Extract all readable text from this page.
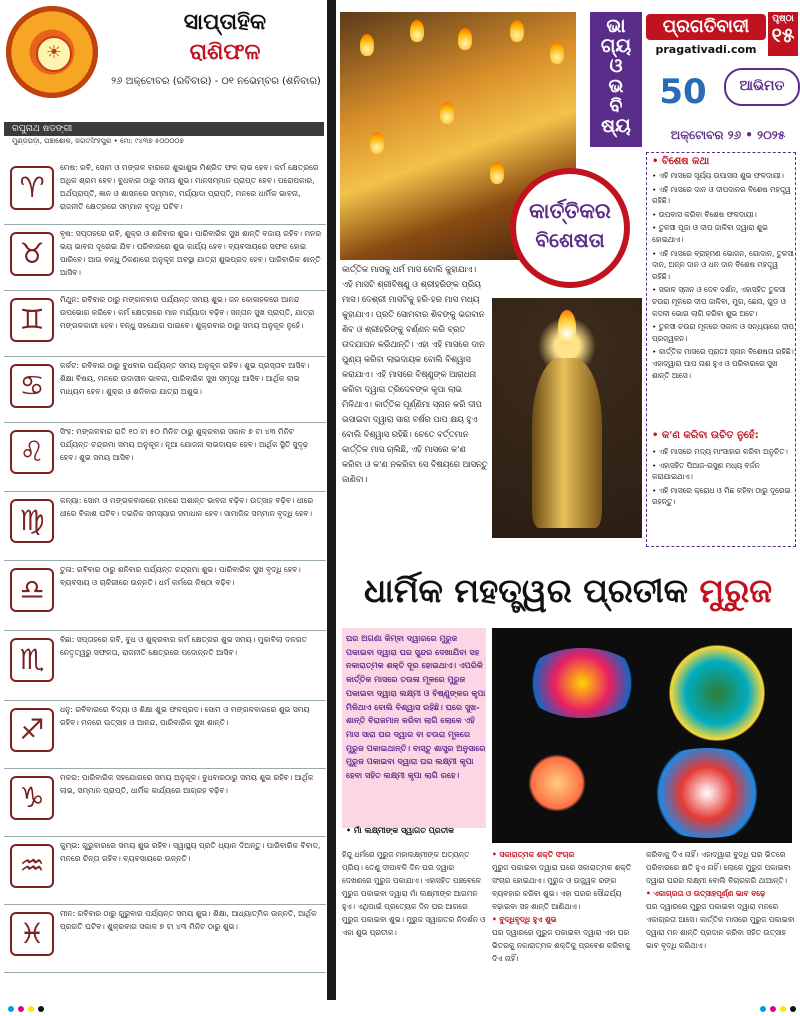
☀
ସାପ୍ତାହିକ
ରାଶିଫଳ
୨୬ ଅକ୍ଟୋବର (ରବିବାର) - ୦୧ ନଭେମ୍ବର (ଶନିବାର)
ରଘୁନାଥ ଷଡଙ୍ଗୀ
ମୁଣ୍ଡପଡ଼ା, ପଞ୍ଚାଶୋକ, ଜଗତସିଂହପୁର • ମୋ: ୯୪୩୭ ୫୦୦୦୦୭
♈
ମେଷ: ରବି, ସୋମ ଓ ମଙ୍ଗଳ ବାରରେ ଶୁଭାଶୁଭ ମିଶ୍ରିତ ଫଳ ଲାଭ ହେବ। କର୍ମ କ୍ଷେତ୍ରରେ ଅଧିକ ଶ୍ରମ ହେବ। ବୁଧବାର ଠାରୁ ସମୟ ଶୁଭ। ମାନସମ୍ମାନ ପ୍ରାପ୍ତ ହେବ। ପରୋପକାର, ଅର୍ଥପ୍ରାପ୍ତି, ଜ୍ଞାନ ଓ ଶାସନରେ ସମ୍ମାନ, ମର୍ଯ୍ୟାଦା ପ୍ରାପ୍ତି, ମନରେ ଧାର୍ମିକ ଭାବନା, ରାଜନୀତି କ୍ଷେତ୍ରରେ ସମ୍ମାନ ବୃଦ୍ଧି ଘଟିବ।
♉
ବୃଷ: ସପ୍ତାହରେ ରବି, ଶୁକ୍ର ଓ ଶନିବାର ଶୁଭ। ପାରିବାରିକ ସୁଖ ଶାନ୍ତି ବଜାୟ ରହିବ। ମନର ଭୟ ଭାବନା ଦୂରେଇ ଯିବ। ପରିବାରରେ ଶୁଭ କାର୍ଯ୍ୟ ହେବ। ବ୍ୟବସାୟରେ ସଫଳ ହୋଇ ପାରିବେ। ଆଉ ବନ୍ଧୁ ଠିକଣାରେ ଅନୁକୂଳ ଅବସ୍ଥା ଯାତ୍ରା ଶୁଭପ୍ରଦ ହେବ। ପାରିବାରିକ ଶାନ୍ତି ଆସିବ।
♊
ମିଥୁନ: ରବିବାର ଠାରୁ ମଙ୍ଗଳବାର ପର୍ଯ୍ୟନ୍ତ ସମୟ ଶୁଭ। ଜନ କୋଳାହଳରେ ଆନନ୍ଦ ଉପଭୋଗ କରିବେ। କର୍ମ କ୍ଷେତ୍ରରେ ମାନ ମର୍ଯ୍ୟାଦା ବଢ଼ିବ। ସନ୍ତାନ ସୁଖ ପ୍ରାପ୍ତି, ଯାତ୍ରା ମଙ୍ଗଳକାରୀ ହେବ। ବନ୍ଧୁ ସହଯୋଗ ପାଇବେ। ଶୁକ୍ରବାର ଠାରୁ ସମୟ ଅନୁକୂଳ ନୁହେଁ।
♋
କର୍କଟ: ରବିବାର ଠାରୁ ବୁଧବାର ପର୍ଯ୍ୟନ୍ତ ସମୟ ଅନୁକୂଳ ରହିବ। ଶୁଭ ପ୍ରସ୍ତାବ ଆସିବ। ଶିକ୍ଷା ବିଷୟ, ମନରେ ଉଦାସୀନ ଭାବନା, ପାରିବାରିକ ସୁଖ ସମୃଦ୍ଧି ଆସିବ। ଆର୍ଥିକ ଲାଭ ମାଧ୍ୟମ ହେବ। ଶୁକ୍ର ଓ ଶନିବାର ଯାତ୍ରା ଅଶୁଭ।
♌
ସିଂହ: ମଙ୍ଗଳବାର ରାତି ୧୦ ଟା ୫୦ ମିନିଟ ଠାରୁ ଶୁକ୍ରବାର ସକାଳ ୭ ଟା ୪୩ ମିନିଟ ପର୍ଯ୍ୟନ୍ତ ଚନ୍ଦ୍ରମା ସମୟ ଅନୁକୂଳ। ନୂଆ ଯୋଜନା ଲାଭଦାୟକ ହେବ। ଆର୍ଥିକ ସ୍ଥିତି ସୁଦୃଢ଼ ହେବ। ଶୁଭ ସମୟ ଆସିବ।
♍
କନ୍ୟା: ସୋମ ଓ ମଙ୍ଗଳବାରରେ ମନରେ ଅଶାନ୍ତ ଭାବନା ବଢ଼ିବ। ଉତ୍ସାହ ବଢ଼ିବ। ଧୀରେ ଧୀରେ ବିକାଶ ଘଟିବ। ଦଇନିକ ସମସ୍ୟାର ସମାଧାନ ହେବ। ସାମାଜିକ ସମ୍ମାନ ବୃଦ୍ଧି ହେବ।
♎
ତୁଳା: ରବିବାର ଠାରୁ ଶନିବାର ପର୍ଯ୍ୟନ୍ତ ଚନ୍ଦ୍ରମା ଶୁଭ। ପାରିବାରିକ ସୁଖ ବୃଦ୍ଧି ହେବ। ବ୍ୟବସାୟ ଓ ଚାକିରୀରେ ଉନ୍ନତି। ଧର୍ମ କର୍ମରେ ନିଷ୍ଠା ବଢ଼ିବ।
♏
ବିଛା: ସପ୍ତାହରେ ରବି, ବୁଧ ଓ ଶୁକ୍ରବାର କର୍ମ କ୍ଷେତ୍ରର ଶୁଭ ସମୟ। ମୁକାବିଲା ଦଳଗତ ନେତୃତ୍ୱରୁ ସଫଳତା, ରାଜନୀତି କ୍ଷେତ୍ରରେ ପଦୋନ୍ନତି ଆସିବ।
♐
ଧନୁ: ରବିବାରରେ ବିଦ୍ୟା ଓ ଶିକ୍ଷା ଶୁଭ ଫଳପ୍ରଦ। ସୋମ ଓ ମଙ୍ଗଳବାରରେ ଶୁଭ ସମୟ ରହିବ। ମନରେ ଉତ୍ସାହ ଓ ଆନନ୍ଦ, ପାରିବାରିକ ସୁଖ ଶାନ୍ତି।
♑
ମକର: ପାରିବାରିକ ସହଯୋଗରେ ସମୟ ଅନୁକୂଳ। ବୁଧବାରଠାରୁ ସମୟ ଶୁଭ ରହିବ। ଆର୍ଥିକ ଲାଭ, ସମ୍ମାନ ପ୍ରାପ୍ତି, ଧାର୍ମିକ କାର୍ଯ୍ୟରେ ଆଗ୍ରହ ବଢ଼ିବ।
♒
କୁମ୍ଭ: ଗୁରୁବାରରେ ସମୟ ଶୁଭ ରହିବ। ସ୍ୱାସ୍ଥ୍ୟ ପ୍ରତି ଧ୍ୟାନ ଦିଅନ୍ତୁ। ପାରିବାରିକ ବିବାଦ, ମନରେ ଚିନ୍ତା ରହିବ। ବ୍ୟବସାୟରେ ଉନ୍ନତି।
♓
ମୀନ: ରବିବାର ଠାରୁ ଗୁରୁବାର ପର୍ଯ୍ୟନ୍ତ ସମୟ ଶୁଭ। ଶିକ୍ଷା, ଆଧ୍ୟାତ୍ମିକ ଉନ୍ନତି, ଆର୍ଥିକ ପ୍ରଗତି ଘଟିବ। ଶୁକ୍ରବାର ସକାଳ ୭ ଟା ୪୩ ମିନିଟ ଠାରୁ ଶୁଭ।
ଭା
ଗ୍ୟ
ଓ
ଭ
ବି
ଷ୍ୟ
ପ୍ରଗତିବାଦୀ	ପୃଷ୍ଠା
୧୫
pragativadi.com
50	ଆଭିମତ
ଅକ୍ଟୋବର ୨୬ • ୨୦୨୫
କାର୍ତ୍ତିକର
ବିଶେଷତା
• ବିଶେଷ କଥା
• ଏହି ମାସରେ ସୂର୍ଯ୍ୟ ଉପାସନା ଶୁଭ ଫଳଦାୟୀ।
• ଏହି ମାସରେ ଦାନ ଓ ଦୀପଦାନର ବିଶେଷ ମହତ୍ତ୍ୱ ରହିଛି।
• ଉପବାସ କରିବା ବିଶେଷ ଫଳଦାୟୀ।
• ତୁଳସୀ ପୂଜା ଓ ଦୀପ ଜାଳିବା ଦ୍ୱାରା ଶୁଭ ହୋଇଥାଏ।
• ଏହି ମାସରେ ବ୍ରାହ୍ମଣ ଭୋଜନ, ଗୋଦାନ, ତୁଳସୀ ଦାନ, ଅନ୍ନ ଦାନ ଓ ଧନ ଦାନ ବିଶେଷ ମହତ୍ତ୍ୱ ରହିଛି।
• ସକାଳ ସ୍ନାନ ଓ ଦେବ ଦର୍ଶନ, ଏହାସହିତ ତୁଳସୀ ଚଉରା ମୂଳରେ ଦୀପ ଜାଳିବା, ମୁଗ, ଛେନା, ଗୁଡ଼ ଓ କଦଳୀ ଭୋଗ ଲାଗି କରିବା ଶୁଭ ଅଟେ।
• ତୁଳସୀ ଚଉରା ମୂଳରେ ସକାଳ ଓ ସନ୍ଧ୍ୟାରେ ଦୀପ ପ୍ରଜ୍ୱଳନ।
• କାର୍ତ୍ତିକ ମାସରେ ପ୍ରାତଃ ସ୍ନାନ ବିଶେଷତା ରହିଛି। ଏହାଦ୍ୱାରା ପାପ ନାଶ ହୁଏ ଓ ପରିବାରରେ ସୁଖ ଶାନ୍ତି ଆସେ।
• କ'ଣ କରିବା ଉଚିତ ନୁହେଁ:
• ଏହି ମାସରେ ମଦ୍ୟ ମାଂସାହାର କରିବା ଅନୁଚିତ।
• ଏହାସହିତ ପିଆଜ-ରସୁଣ ମଧ୍ୟ ବର୍ଜନ କରାଯାଇଥାଏ।
• ଏହି ମାସରେ କ୍ରୋଧ ଓ ମିଛ କହିବା ଠାରୁ ଦୂରେଇ ରହନ୍ତୁ।
କାର୍ତ୍ତିକ ମାସକୁ ଧର୍ମ ମାସ ବୋଲି କୁହାଯାଏ। ଏହି ମାସଟି ଶ୍ରୀବିଷ୍ଣୁ ଓ ଶ୍ରୀହରିଙ୍କ ପ୍ରିୟ ମାସ। ଦେଶ୍ରୀ ମାସଟିକୁ ହରି-ହର ମାସ ମଧ୍ୟ କୁହାଯାଏ। ପ୍ରତି ସୋମବାର ଶିବଙ୍କୁ ଭଗବାନ ଶିବ ଓ ଶ୍ରୀହରିଙ୍କୁ ବର୍ଣ୍ଣନ କରି ବ୍ରତ ଉଦଯାପନ କରିଥାନ୍ତି। ଏହା ଏହି ମାସରେ ଦାନ ପୁଣ୍ୟ କରିବା ଲାଭଦାୟକ ବୋଲି ବିଶ୍ୱାସ କରାଯାଏ। ଏହି ମାସରେ ବିଷ୍ଣୁଙ୍କ ଆରାଧନା କରିବା ଦ୍ୱାରା ତ୍ରିଦେବଙ୍କ କୃପା ଲାଭ ମିଳିଥାଏ। କାର୍ତ୍ତିକ ପୂର୍ଣ୍ଣିମା ସ୍ନାନ କରି ଦୀପ ଭସାଇବା ଦ୍ୱାରା ସାରା ବର୍ଷର ପାପ କ୍ଷୟ ହୁଏ ବୋଲି ବିଶ୍ୱାସ ରହିଛି। ଚେତେ ବର୍ତ୍ତମାନ କାର୍ତ୍ତିକ ମାସ ଚାଲିଛି, ଏହି ମାସରେ କ'ଣ କରିବା ଓ କ'ଣ ନକରିବା ସେ ବିଷୟରେ ଆସନ୍ତୁ ଜାଣିବା।
ଧାର୍ମିକ ମହତ୍ତ୍ୱର ପ୍ରତୀକ ମୁରୁଜ
ଘର ଅଗଣା କିମ୍ବା ଦ୍ୱାରରେ ମୁରୁଜ ପକାଇବା ଦ୍ୱାରା ଘର ସୁନ୍ଦର ଦେଖାଯିବା ସହ ନକାରାତ୍ମକ ଶକ୍ତି ଦୂର ହୋଇଥାଏ। ଏପରିକି କାର୍ତ୍ତିକ ମାସରେ ତଉଳା ମୂଳରେ ମୁରୁଜ ପକାଇବା ଦ୍ୱାରା ଲକ୍ଷ୍ମୀ ଓ ବିଷ୍ଣୁଙ୍କର କୃପା ମିଳିଥାଏ ବୋଲି ବିଶ୍ୱାସ ରହିଛି। ଘରେ ସୁଖ-ଶାନ୍ତି ବିରାଜମାନ କରିବା ଲାଗି ଲୋକେ ଏହି ମାସ ସାରା ଘର ଦ୍ୱାର ବା ଚଉରା ମୂଳରେ ମୁରୁଜ ପକାଇଥାନ୍ତି। ବାସ୍ତୁ ଶାସ୍ତ୍ର ଅନୁସାରେ ମୁରୁଜ ପକାଇବା ଦ୍ୱାରା ଘର ଲକ୍ଷ୍ମୀ କୃପା ହେବା ସହିତ ଲକ୍ଷ୍ମୀ କୃପା ଲାଗି ରହେ।
• ମାଁ ଲକ୍ଷ୍ମୀଙ୍କ ସ୍ୱାଗତ ପ୍ରତୀକ
ହିନ୍ଦୁ ଧର୍ମରେ ମୁରୁଜ ମହାଲକ୍ଷ୍ମୀଙ୍କ ଅତ୍ୟନ୍ତ ପ୍ରିୟ। ତେଣୁ ଦୀପାବଳି ଦିନ ଘର ଦ୍ୱାର ଦେଖଣରେ ମୁରୁଜ ପକାଯାଏ। ଏହାସହିତ ପଞ୍ଚବେଳେ ମୁରୁଜ ପକାଇବା ଦ୍ୱାରା ମାଁ ଲକ୍ଷ୍ମୀଙ୍କ ଆଗମନ ହୁଏ। ଏଥିପାଇଁ ପ୍ରତ୍ୟେକ ଦିନ ଘର ଆଗରେ ମୁରୁଜ ପକାଇବା ଶୁଭ। ମୁରୁଜ ସ୍ୱାଗତର ନିଦର୍ଶନ ଓ ଏହା ଶୁଭ ପ୍ରତୀକ।
• ସକାରାତ୍ମକ ଶକ୍ତି ସଂଚାର
ମୁରୁଜ ପକାଇବା ଦ୍ୱାରା ଘରେ ସକାରାତ୍ମକ ଶକ୍ତି ସଂଚାର ହୋଇଥାଏ। ମୁରୁଜ ଓ ଉଜ୍ଜ୍ୱଳ ରଙ୍ଗ ବ୍ୟବହାର କରିବା ଶୁଭ। ଏହା ଘରର ସୌନ୍ଦର୍ଯ୍ୟ ବଢ଼ାଇବା ସହ ଶାନ୍ତି ଆଣିଥାଏ।
• ବୁଦ୍ଧିବୃଦ୍ଧି ହୁଏ ଶୁଭ
ଘର ଦ୍ୱାରରେ ମୁରୁଜ ପକାଇବା ଦ୍ୱାରା ଏହା ଘର ଭିତରକୁ ନକାରାତ୍ମକ ଶକ୍ତିକୁ ପ୍ରବେଶ କରିବାକୁ ଦିଏ ନାହିଁ।
କରିବାକୁ ଦିଏ ନାହିଁ। ଏହାଦ୍ୱାରା ବୁଦ୍ଧି ଘର ଭିତରେ ପରିବାରରେ କ୍ଷତି ହୁଏ ନାହିଁ। ଲୋକେ ମୁରୁଜ ପକାଇବା ଦ୍ୱାରା ଘରର ଲକ୍ଷ୍ମୀ ବୋଲି ବିଚାରକରି ଥାଆନ୍ତି।
• ଏକାଗ୍ରତା ଓ ଉତ୍ସାହପୂର୍ଣ୍ଣ ଭାବ ବଢ଼େ
ଘର ଦ୍ୱାରରେ ମୁରୁଜ ପକାଇବା ଦ୍ୱାରା ମନରେ ଏକାଗ୍ରତା ଆସେ। କାର୍ତ୍ତିକ ମାସରେ ମୁରୁଜ ପକାଇବା ଦ୍ୱାରା ମନ ଶାନ୍ତି ପ୍ରଦାନ କରିବା ସହିତ ଉତ୍ସାହ ଭାବ ବୃଦ୍ଧି କରିଥାଏ।
